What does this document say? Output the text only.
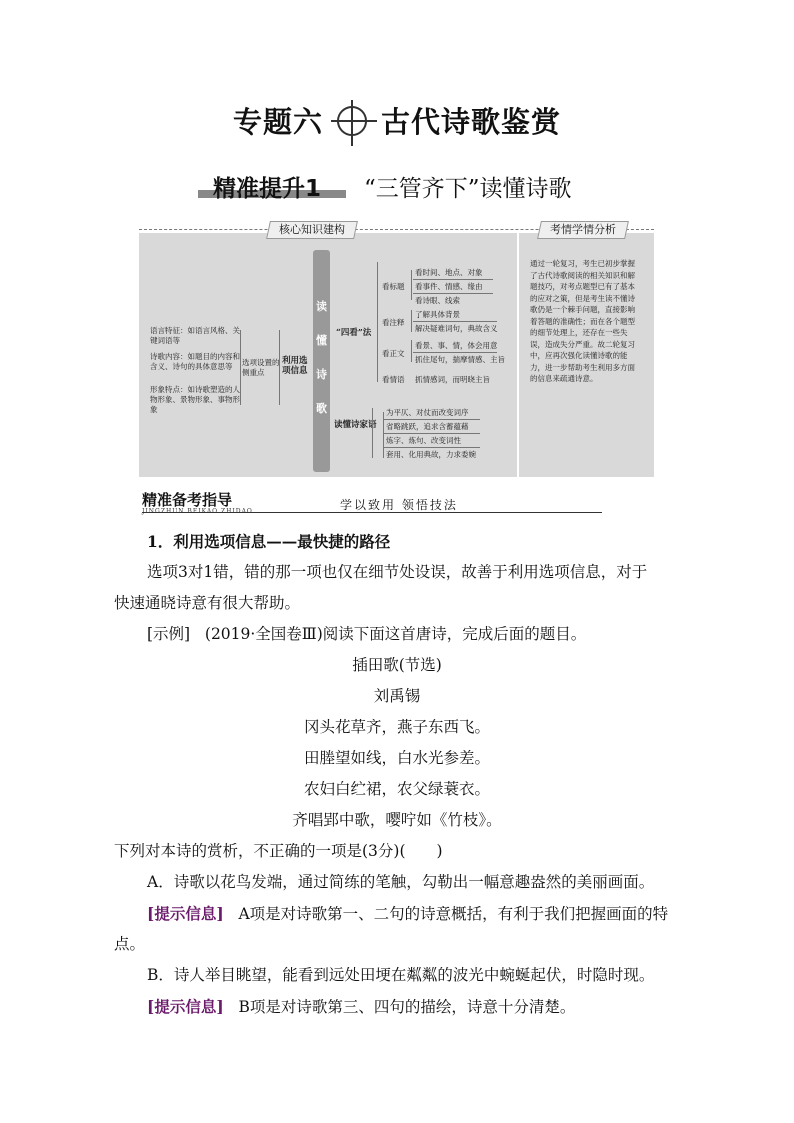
专题六 古代诗歌鉴赏
精准提升1	“三管齐下”读懂诗歌
核心知识建构	考情学情分析
语言特征：如语言风格、关键词语等
诗歌内容：如题目的内容和含义、诗句的具体意思等
形象特点：如诗歌塑造的人物形象、景物形象、事物形象
选项设置的侧重点
利用选项信息
读
懂
诗
歌
“四看”法
读懂诗家语
看标题
看时间、地点、对象
看事件、情感、缘由
看诗眼、线索
看注释
了解具体背景
解决疑难词句，典故含义
看正文
看景、事、情，体会用意
抓住尾句，揣摩情感、主旨
看情语 抓情感词，而明晓主旨
为平仄、对仗而改变词序
省略跳跃，追求含蓄蕴藉
炼字、炼句、改变词性
套用、化用典故，力求委婉
通过一轮复习，考生已初步掌握了古代诗歌阅读的相关知识和解题技巧，对考点题型已有了基本的应对之策，但是考生读不懂诗歌仍是一个棘手问题，直接影响着答题的准确性；而在各个题型的细节处理上，还存在一些失误，造成失分严重。故二轮复习中，应再次强化读懂诗歌的能力，进一步帮助考生利用多方面的信息来疏通诗意。
精准备考指导
JINGZHUN BEIKAO ZHIDAO	学以致用 领悟技法
1．利用选项信息——最快捷的路径
选项3对1错，错的那一项也仅在细节处设误，故善于利用选项信息，对于
快速通晓诗意有很大帮助。
[示例] (2019·全国卷Ⅲ)阅读下面这首唐诗，完成后面的题目。
插田歌(节选)
刘禹锡
冈头花草齐，燕子东西飞。
田塍望如线，白水光参差。
农妇白纻裙，农父绿蓑衣。
齐唱郢中歌，嘤咛如《竹枝》。
下列对本诗的赏析，不正确的一项是(3分)(　　)
A．诗歌以花鸟发端，通过简练的笔触，勾勒出一幅意趣盎然的美丽画面。
[提示信息] A项是对诗歌第一、二句的诗意概括，有利于我们把握画面的特
点。
B．诗人举目眺望，能看到远处田埂在粼粼的波光中蜿蜒起伏，时隐时现。
[提示信息] B项是对诗歌第三、四句的描绘，诗意十分清楚。
